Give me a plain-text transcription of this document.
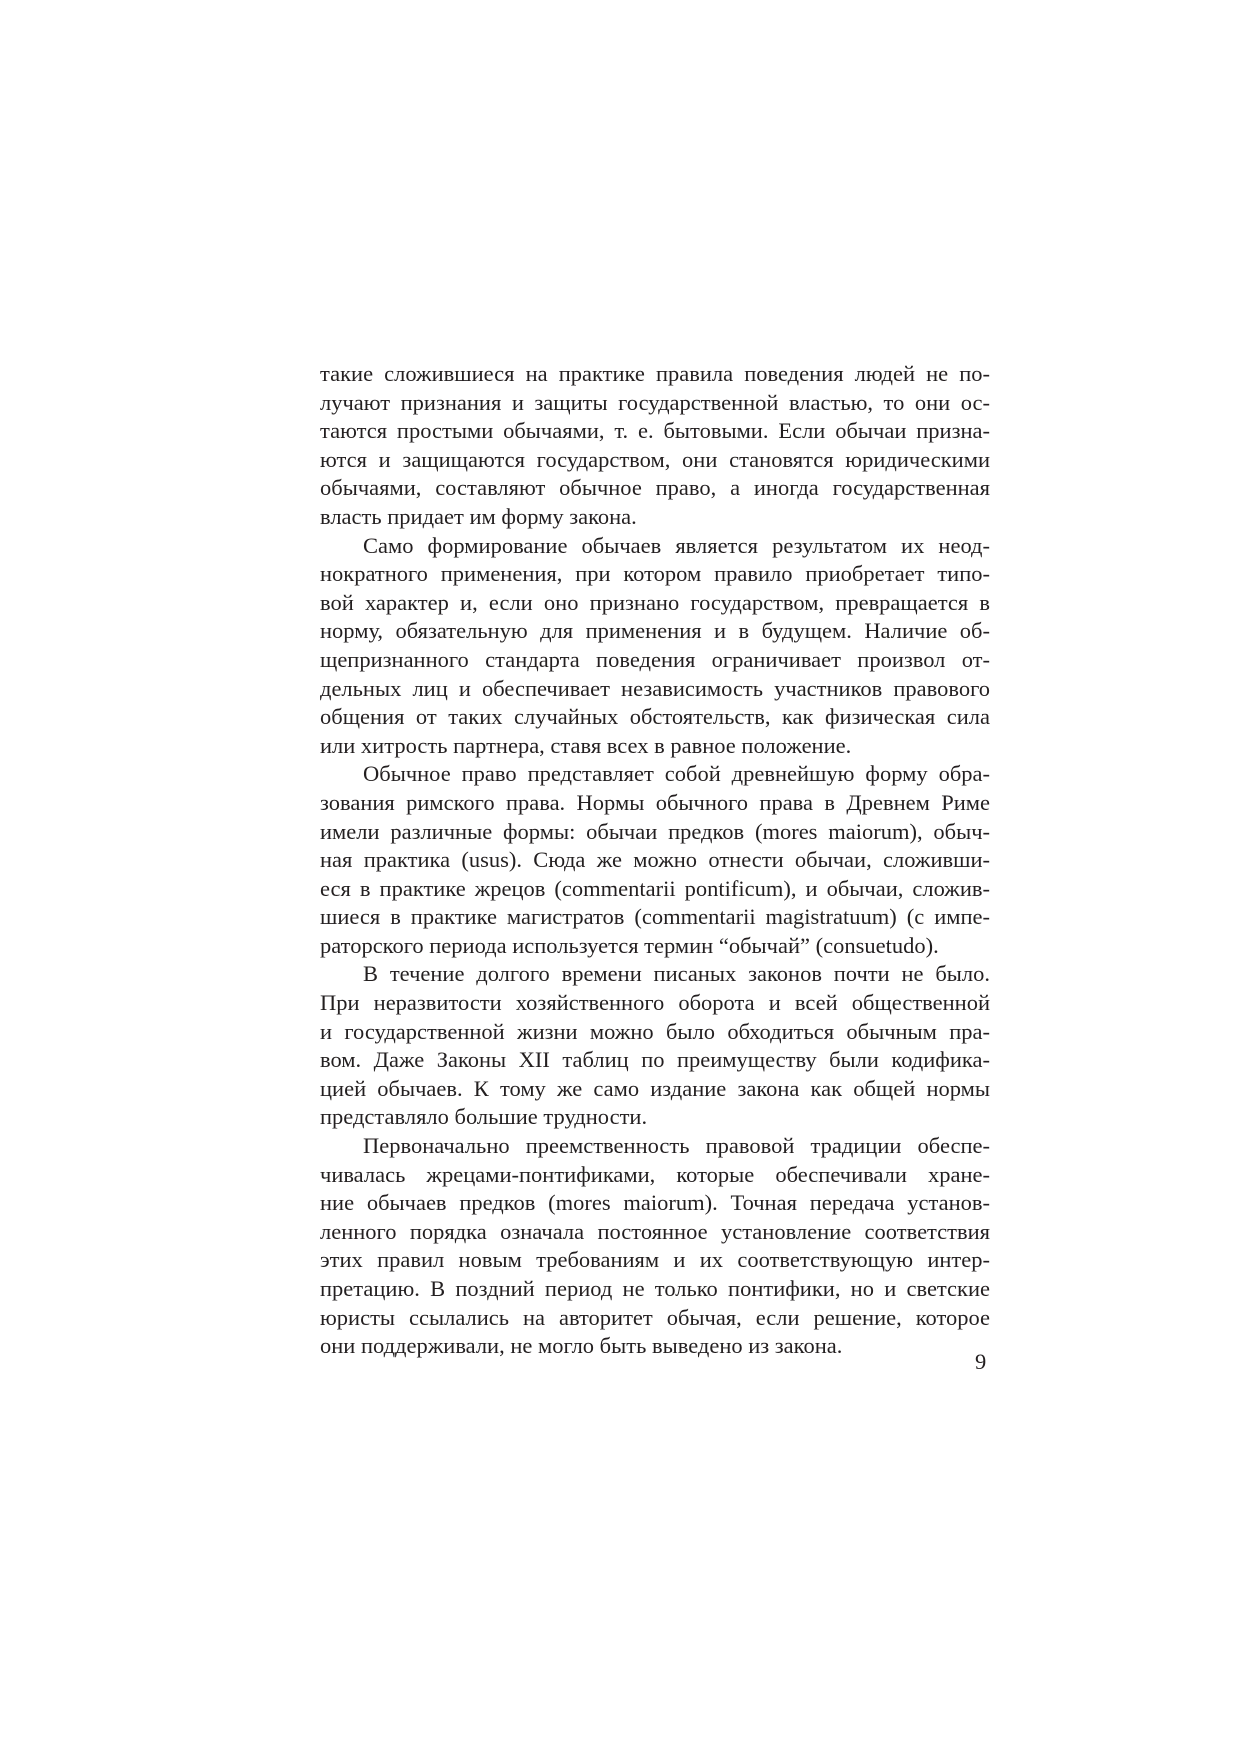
такие сложившиеся на практике правила поведения людей не по-
лучают признания и защиты государственной властью, то они ос-
таются простыми обычаями, т. е. бытовыми. Если обычаи призна-
ются и защищаются государством, они становятся юридическими
обычаями, составляют обычное право, а иногда государственная
власть придает им форму закона.
Само формирование обычаев является результатом их неод-
нократного применения, при котором правило приобретает типо-
вой характер и, если оно признано государством, превращается в
норму, обязательную для применения и в будущем. Наличие об-
щепризнанного стандарта поведения ограничивает произвол от-
дельных лиц и обеспечивает независимость участников правового
общения от таких случайных обстоятельств, как физическая сила
или хитрость партнера, ставя всех в равное положение.
Обычное право представляет собой древнейшую форму обра-
зования римского права. Нормы обычного права в Древнем Риме
имели различные формы: обычаи предков (mores maiorum), обыч-
ная практика (usus). Сюда же можно отнести обычаи, сложивши-
еся в практике жрецов (commentarii pontificum), и обычаи, сложив-
шиеся в практике магистратов (commentarii magistratuum) (с импе-
раторского периода используется термин “обычай” (consuetudo).
В течение долгого времени писаных законов почти не было.
При неразвитости хозяйственного оборота и всей общественной
и государственной жизни можно было обходиться обычным пра-
вом. Даже Законы XII таблиц по преимуществу были кодифика-
цией обычаев. К тому же само издание закона как общей нормы
представляло большие трудности.
Первоначально преемственность правовой традиции обеспе-
чивалась жрецами-понтификами, которые обеспечивали хране-
ние обычаев предков (mores maiorum). Точная передача установ-
ленного порядка означала постоянное установление соответствия
этих правил новым требованиям и их соответствующую интер-
претацию. В поздний период не только понтифики, но и светские
юристы ссылались на авторитет обычая, если решение, которое
они поддерживали, не могло быть выведено из закона.
9
